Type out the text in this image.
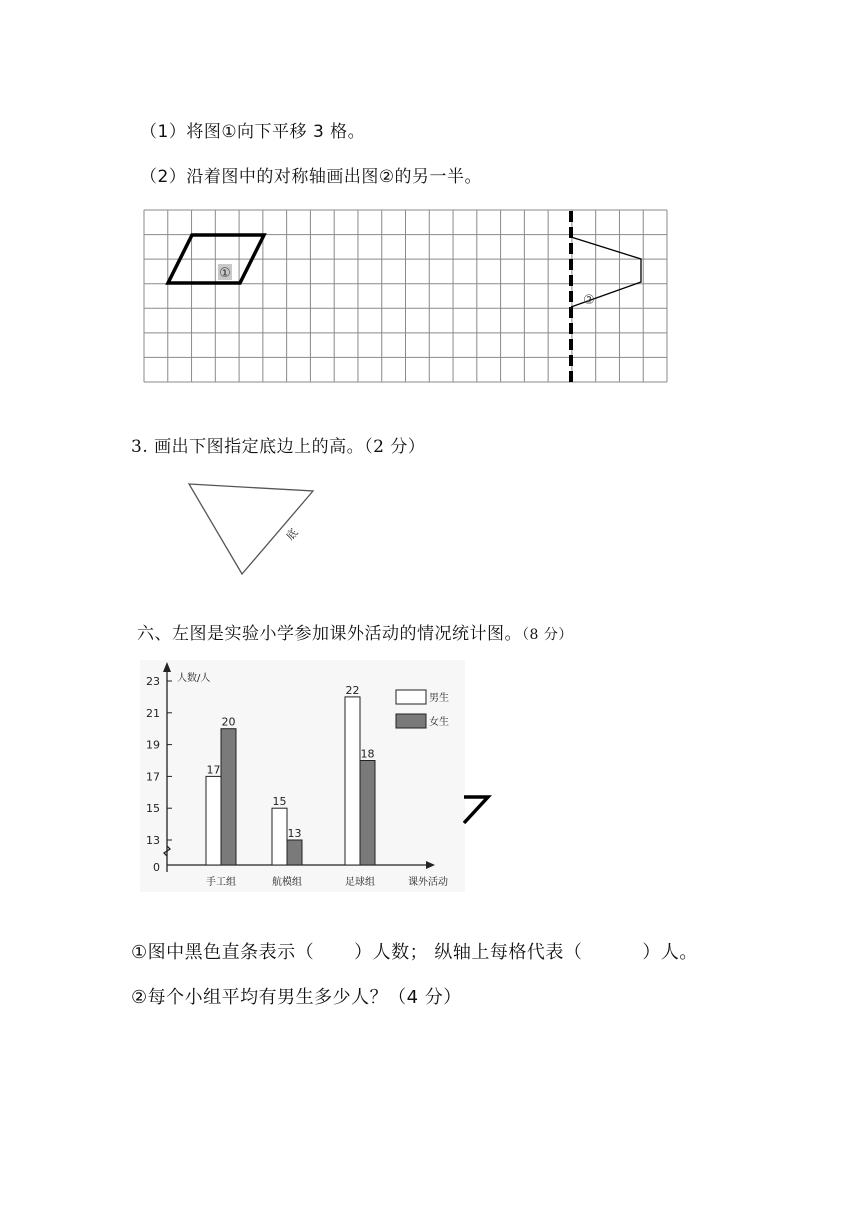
（1）将图①向下平移 3 格。
（2）沿着图中的对称轴画出图②的另一半。
①
②
3. 画出下图指定底边上的高。（2 分）
底
六、左图是实验小学参加课外活动的情况统计图。（8 分）
0
13
15
17
19
21
23
17
20
15
13
22
18
手工组	航模组	足球组
人数/人
课外活动
男生
女生
①图中黑色直条表示（ ）人数； 纵轴上每格代表（	）人。
②每个小组平均有男生多少人？（4 分）
